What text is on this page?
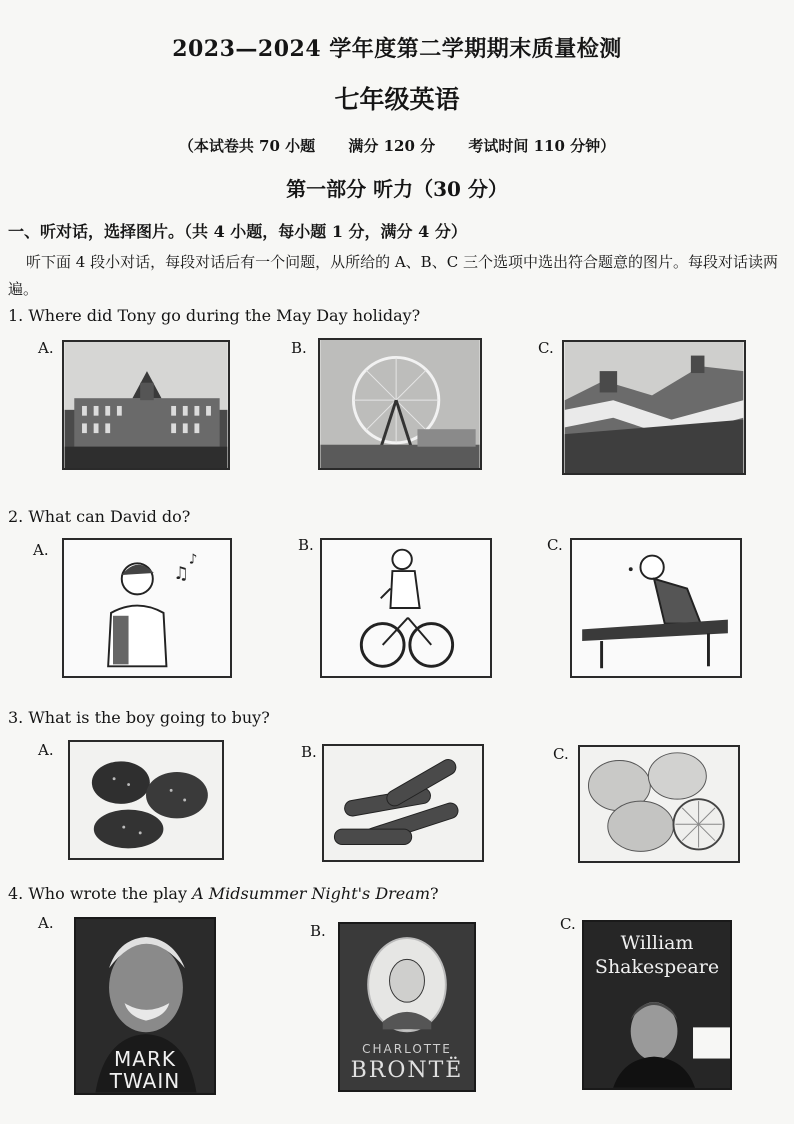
2023—2024 学年度第二学期期末质量检测
七年级英语
（本试卷共 70 小题 满分 120 分 考试时间 110 分钟）
第一部分 听力（30 分）
一、听对话，选择图片。（共 4 小题，每小题 1 分，满分 4 分）
听下面 4 段小对话，每段对话后有一个问题，从所给的 A、B、C 三个选项中选出符合题意的图片。每段对话读两遍。
1. Where did Tony go during the May Day holiday?
A.	B.	C.
2. What can David do?
A.
♫
♪
B.	C.
3. What is the boy going to buy?
A.	B.	C.
4. Who wrote the play A Midsummer Night's Dream?
A.
MARK
TWAIN
B.
CHARLOTTE
BRONTË
C.
William
Shakespeare
